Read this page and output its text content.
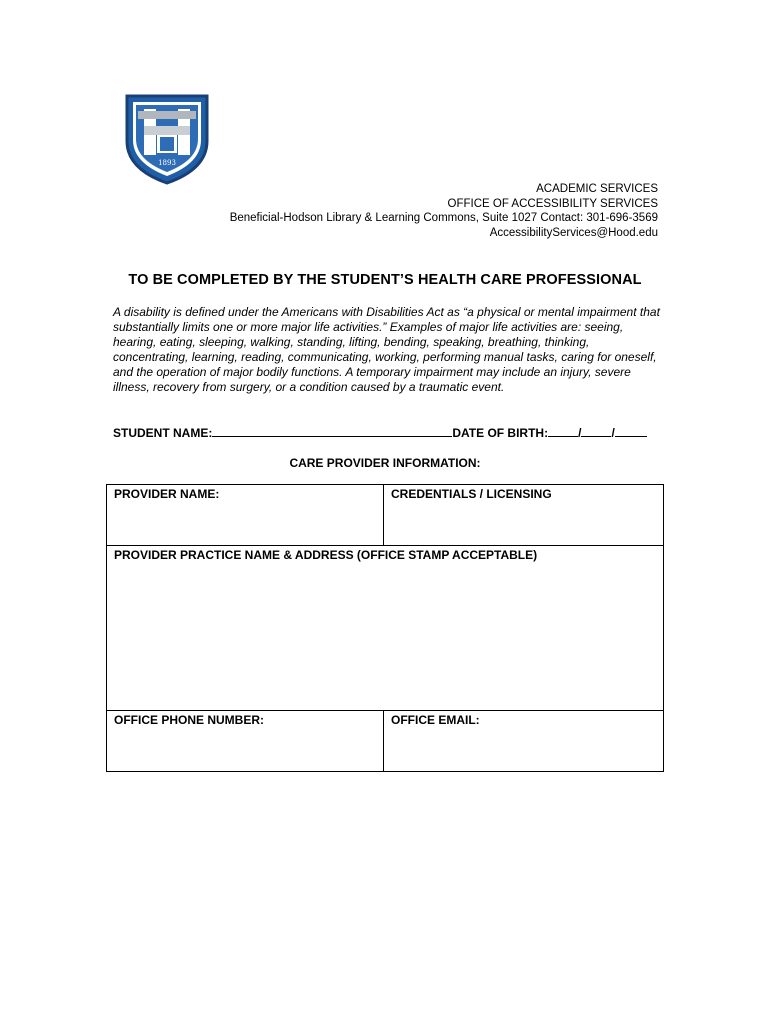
1893
ACADEMIC SERVICES
OFFICE OF ACCESSIBILITY SERVICES
Beneficial-Hodson Library & Learning Commons, Suite 1027 Contact: 301-696-3569
AccessibilityServices@Hood.edu
TO BE COMPLETED BY THE STUDENT’S HEALTH CARE PROFESSIONAL

A disability is defined under the Americans with Disabilities Act as “a physical or mental impairment that substantially limits one or more major life activities.” Examples of major life activities are: seeing, hearing, eating, sleeping, walking, standing, lifting, bending, speaking, breathing, thinking, concentrating, learning, reading, communicating, working, performing manual tasks, caring for oneself, and the operation of major bodily functions. A temporary impairment may include an injury, severe illness, recovery from surgery, or a condition caused by a traumatic event.

STUDENT NAME:	DATE OF BIRTH:	/	/
CARE PROVIDER INFORMATION:
PROVIDER NAME:	CREDENTIALS / LICENSING
PROVIDER PRACTICE NAME & ADDRESS (OFFICE STAMP ACCEPTABLE)
OFFICE PHONE NUMBER:	OFFICE EMAIL:
